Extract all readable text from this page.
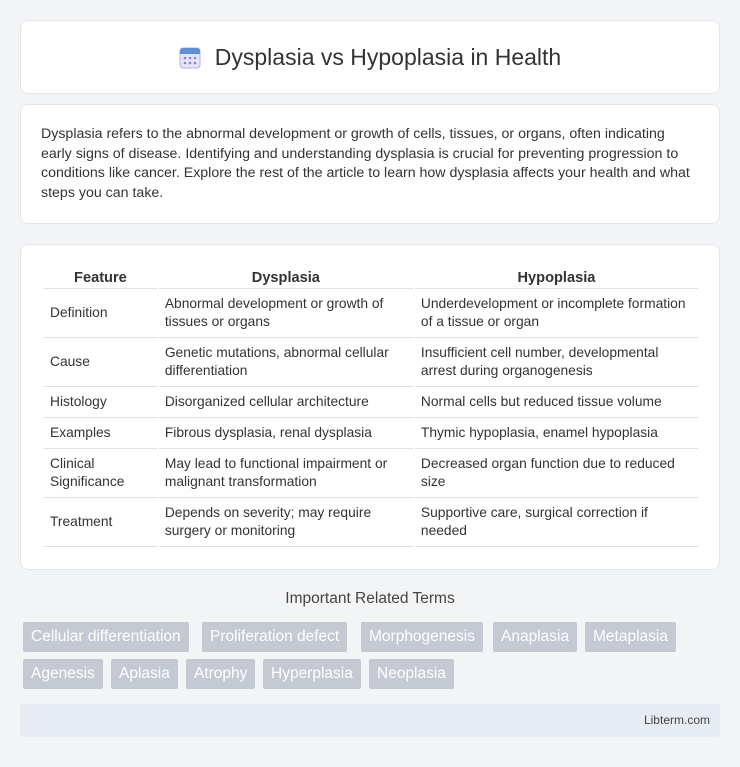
Dysplasia vs Hypoplasia in Health

Dysplasia refers to the abnormal development or growth of cells, tissues, or organs, often indicating early signs of disease. Identifying and understanding dysplasia is crucial for preventing progression to conditions like cancer. Explore the rest of the article to learn how dysplasia affects your health and what steps you can take.

Feature	Dysplasia	Hypoplasia
Definition	Abnormal development or growth of tissues or organs	Underdevelopment or incomplete formation of a tissue or organ
Cause	Genetic mutations, abnormal cellular differentiation	Insufficient cell number, developmental arrest during organogenesis
Histology	Disorganized cellular architecture	Normal cells but reduced tissue volume
Examples	Fibrous dysplasia, renal dysplasia	Thymic hypoplasia, enamel hypoplasia
Clinical Significance	May lead to functional impairment or malignant transformation	Decreased organ function due to reduced size
Treatment	Depends on severity; may require surgery or monitoring	Supportive care, surgical correction if needed
Important Related Terms
Cellular differentiation	Proliferation defect	Morphogenesis	Anaplasia	Metaplasia
Agenesis	Aplasia	Atrophy	Hyperplasia	Neoplasia
Libterm.com
